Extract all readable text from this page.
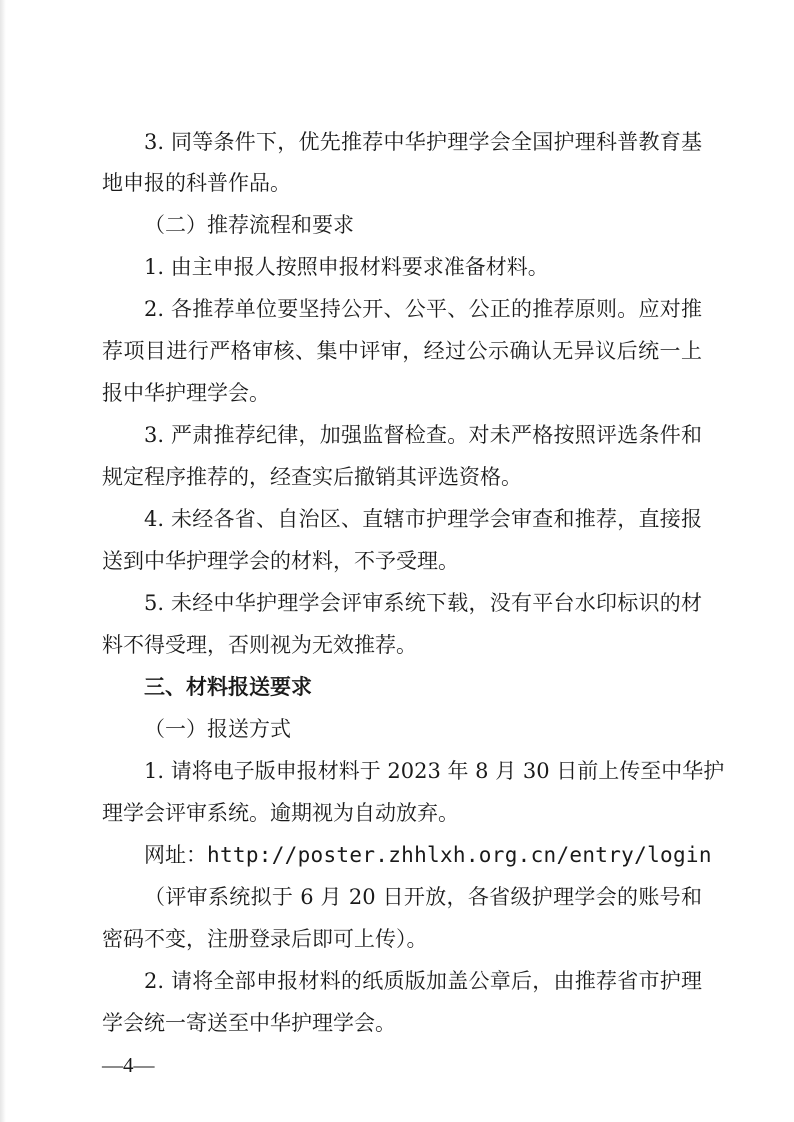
3. 同等条件下，优先推荐中华护理学会全国护理科普教育基
地申报的科普作品。
（二）推荐流程和要求
1. 由主申报人按照申报材料要求准备材料。
2. 各推荐单位要坚持公开、公平、公正的推荐原则。应对推
荐项目进行严格审核、集中评审，经过公示确认无异议后统一上
报中华护理学会。
3. 严肃推荐纪律，加强监督检查。对未严格按照评选条件和
规定程序推荐的，经查实后撤销其评选资格。
4. 未经各省、自治区、直辖市护理学会审查和推荐，直接报
送到中华护理学会的材料，不予受理。
5. 未经中华护理学会评审系统下载，没有平台水印标识的材
料不得受理，否则视为无效推荐。
三、材料报送要求
（一）报送方式
1. 请将电子版申报材料于 2023 年 8 月 30 日前上传至中华护
理学会评审系统。逾期视为自动放弃。
网址：http://poster.zhhlxh.org.cn/entry/login
（评审系统拟于 6 月 20 日开放，各省级护理学会的账号和
密码不变，注册登录后即可上传）。
2. 请将全部申报材料的纸质版加盖公章后，由推荐省市护理
学会统一寄送至中华护理学会。
—4—
